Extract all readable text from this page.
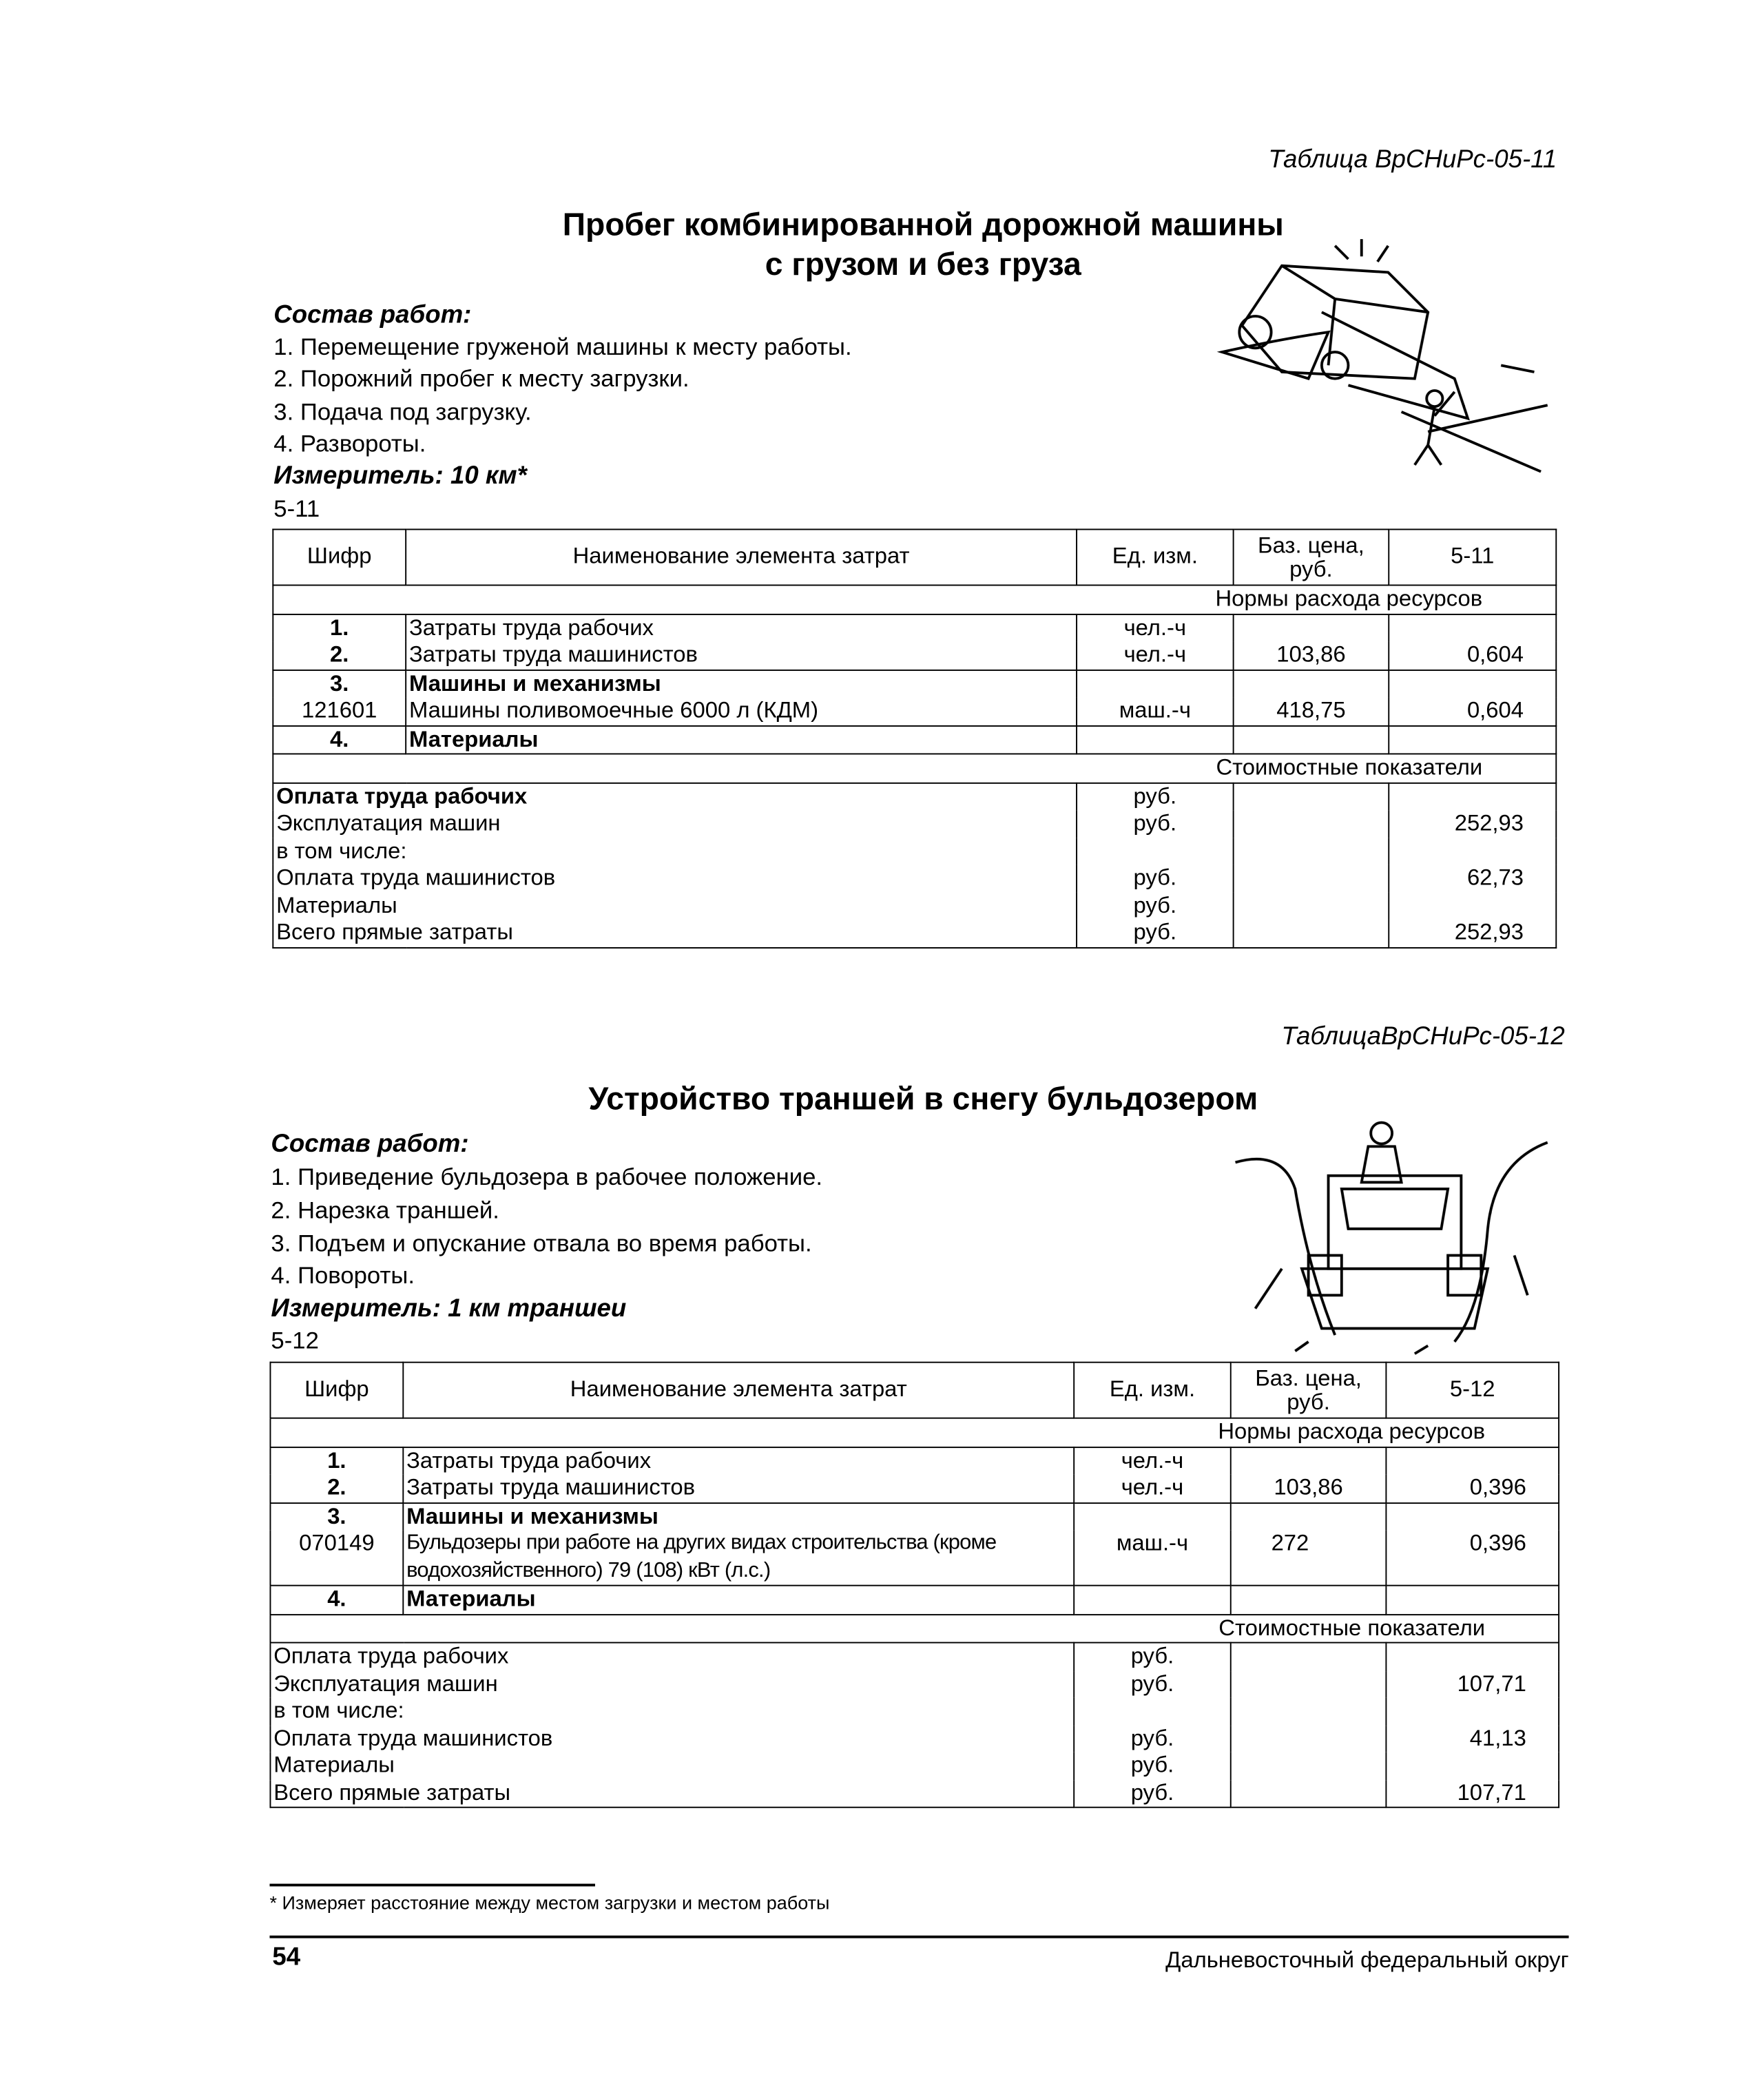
Таблица ВрСНиРс-05-11
Пробег комбинированной дорожной машины
с грузом и без груза
Состав работ:
1. Перемещение груженой машины к месту работы.
2. Порожний пробег к месту загрузки.
3. Подача под загрузку.
4. Развороты.
Измеритель: 10 км*
5-11
Шифр	Наименование элемента затрат	Ед. изм.	Баз. цена, руб.	5-11
Нормы расхода ресурсов				
1.	Затраты труда рабочих	чел.-ч		
2.	Затраты труда машинистов	чел.-ч	103,86	0,604
3.	Машины и механизмы			
121601	Машины поливомоечные 6000 л (КДМ)	маш.-ч	418,75	0,604
4.	Материалы			
Стоимостные показатели				
Оплата труда рабочих		руб.		
Эксплуатация машин		руб.		252,93
в том числе:				
Оплата труда машинистов		руб.		62,73
Материалы		руб.		
Всего прямые затраты		руб.		252,93
ТаблицаВрСНиРс-05-12
Устройство траншей в снегу бульдозером
Состав работ:
1. Приведение бульдозера в рабочее положение.
2. Нарезка траншей.
3. Подъем и опускание отвала во время работы.
4. Повороты.
Измеритель: 1 км траншеи
5-12
Шифр	Наименование элемента затрат	Ед. изм.	Баз. цена, руб.	5-12
Нормы расхода ресурсов				
1.	Затраты труда рабочих	чел.-ч		
2.	Затраты труда машинистов	чел.-ч	103,86	0,396
3.	Машины и механизмы			
070149	Бульдозеры при работе на других видах строительства (кроме водохозяйственного) 79 (108) кВт (л.с.)	маш.-ч	272	0,396
4.	Материалы			
Стоимостные показатели				
Оплата труда рабочих		руб.		
Эксплуатация машин		руб.		107,71
в том числе:				
Оплата труда машинистов		руб.		41,13
Материалы		руб.		
Всего прямые затраты		руб.		107,71
* Измеряет расстояние между местом загрузки и местом работы
54	Дальневосточный федеральный округ
